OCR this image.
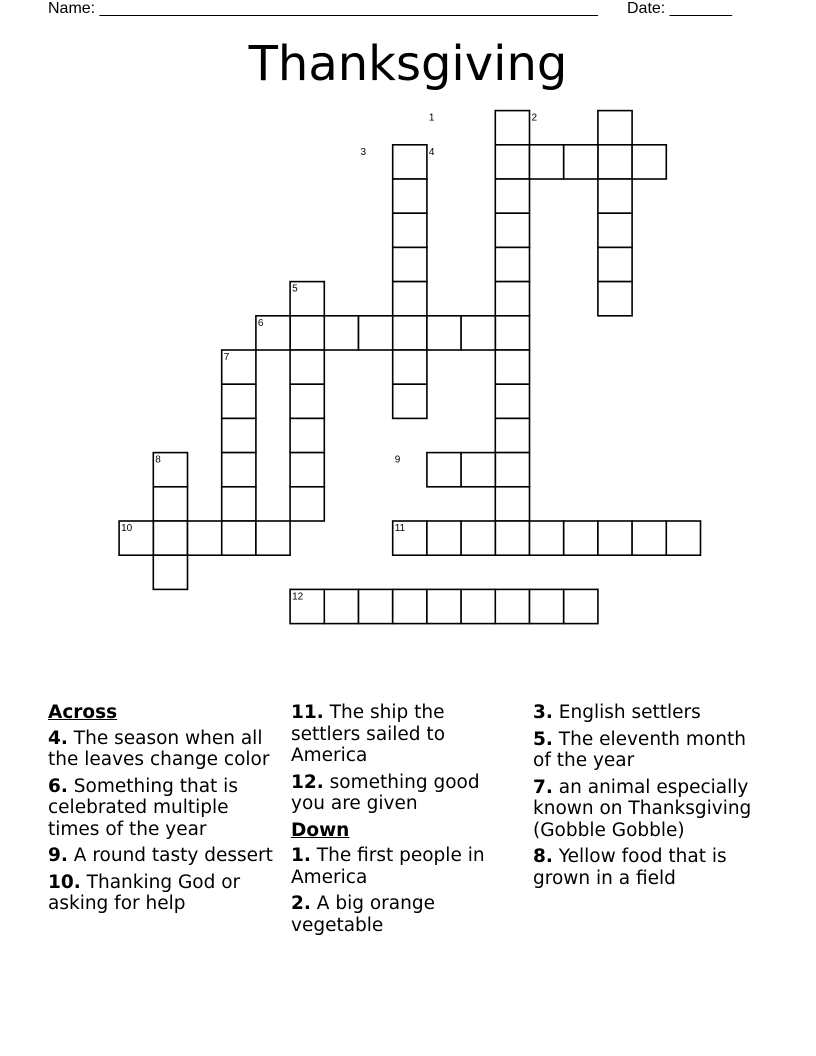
Name: ________________________________________________________ Date: _______
Thanksgiving
1	2
3	4
5
6
7
8	9
10	11
12
Across
4. The season when all the leaves change color
6. Something that is celebrated multiple times of the year
9. A round tasty dessert
10. Thanking God or asking for help
11. The ship the settlers sailed to America
12. something good you are given
Down
1. The first people in America
2. A big orange vegetable
3. English settlers
5. The eleventh month of the year
7. an animal especially known on Thanksgiving (Gobble Gobble)
8. Yellow food that is grown in a field
